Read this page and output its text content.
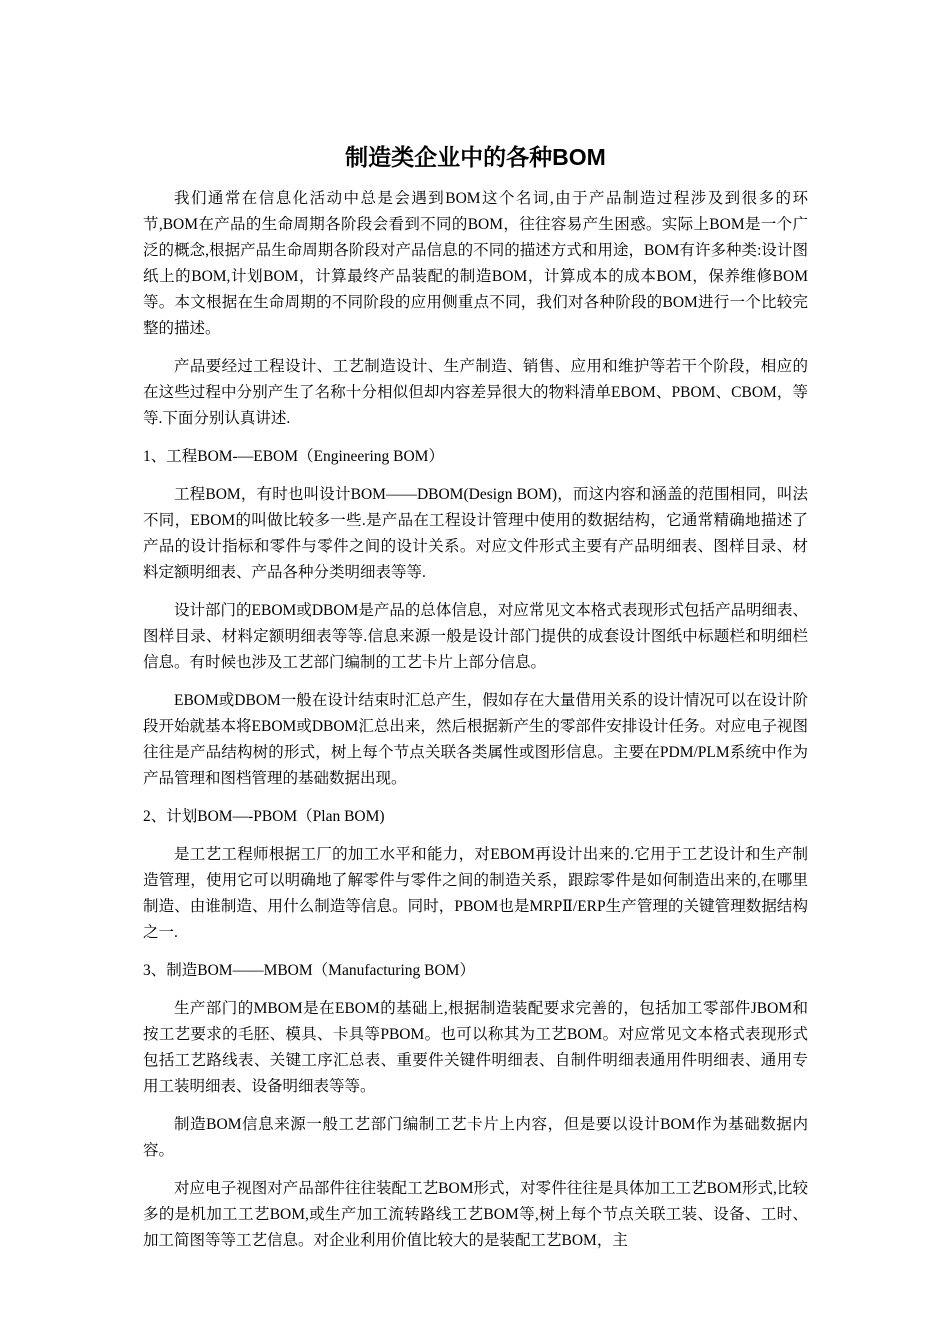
制造类企业中的各种BOM

我们通常在信息化活动中总是会遇到BOM这个名词,由于产品制造过程涉及到很多的环节,BOM在产品的生命周期各阶段会看到不同的BOM，往往容易产生困惑。实际上BOM是一个广泛的概念,根据产品生命周期各阶段对产品信息的不同的描述方式和用途，BOM有许多种类:设计图纸上的BOM,计划BOM，计算最终产品装配的制造BOM，计算成本的成本BOM，保养维修BOM等。本文根据在生命周期的不同阶段的应用侧重点不同，我们对各种阶段的BOM进行一个比较完整的描述。

产品要经过工程设计、工艺制造设计、生产制造、销售、应用和维护等若干个阶段，相应的在这些过程中分别产生了名称十分相似但却内容差异很大的物料清单EBOM、PBOM、CBOM，等等.下面分别认真讲述.

1、工程BOM-—EBOM（Engineering BOM）

工程BOM，有时也叫设计BOM——DBOM(Design BOM)，而这内容和涵盖的范围相同，叫法不同，EBOM的叫做比较多一些.是产品在工程设计管理中使用的数据结构，它通常精确地描述了产品的设计指标和零件与零件之间的设计关系。对应文件形式主要有产品明细表、图样目录、材料定额明细表、产品各种分类明细表等等.

设计部门的EBOM或DBOM是产品的总体信息，对应常见文本格式表现形式包括产品明细表、图样目录、材料定额明细表等等.信息来源一般是设计部门提供的成套设计图纸中标题栏和明细栏信息。有时候也涉及工艺部门编制的工艺卡片上部分信息。

EBOM或DBOM一般在设计结束时汇总产生，假如存在大量借用关系的设计情况可以在设计阶段开始就基本将EBOM或DBOM汇总出来，然后根据新产生的零部件安排设计任务。对应电子视图往往是产品结构树的形式，树上每个节点关联各类属性或图形信息。主要在PDM/PLM系统中作为产品管理和图档管理的基础数据出现。

2、计划BOM—-PBOM（Plan BOM)

是工艺工程师根据工厂的加工水平和能力，对EBOM再设计出来的.它用于工艺设计和生产制造管理，使用它可以明确地了解零件与零件之间的制造关系，跟踪零件是如何制造出来的,在哪里制造、由谁制造、用什么制造等信息。同时，PBOM也是MRPⅡ/ERP生产管理的关键管理数据结构之一.

3、制造BOM——MBOM（Manufacturing BOM）

生产部门的MBOM是在EBOM的基础上,根据制造装配要求完善的，包括加工零部件JBOM和按工艺要求的毛胚、模具、卡具等PBOM。也可以称其为工艺BOM。对应常见文本格式表现形式包括工艺路线表、关键工序汇总表、重要件关键件明细表、自制件明细表通用件明细表、通用专用工装明细表、设备明细表等等。

制造BOM信息来源一般工艺部门编制工艺卡片上内容，但是要以设计BOM作为基础数据内容。

对应电子视图对产品部件往往装配工艺BOM形式，对零件往往是具体加工工艺BOM形式,比较多的是机加工工艺BOM,或生产加工流转路线工艺BOM等,树上每个节点关联工装、设备、工时、加工简图等等工艺信息。对企业利用价值比较大的是装配工艺BOM，主
